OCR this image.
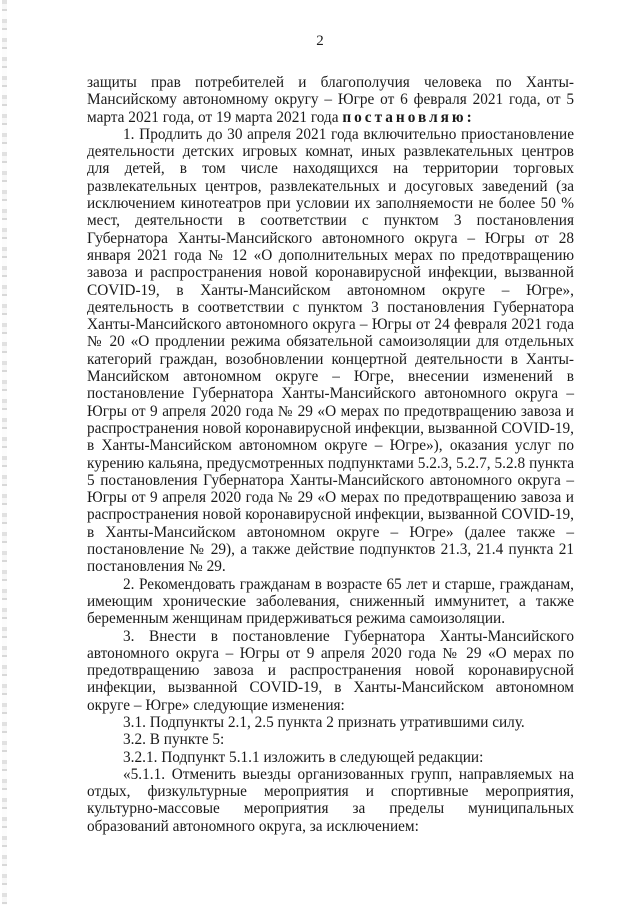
2

защиты прав потребителей и благополучия человека по Ханты-Мансийскому автономному округу – Югре от 6 февраля 2021 года, от 5 марта 2021 года, от 19 марта 2021 года постановляю:

1. Продлить до 30 апреля 2021 года включительно приостановление деятельности детских игровых комнат, иных развлекательных центров для детей, в том числе находящихся на территории торговых развлекательных центров, развлекательных и досуговых заведений (за исключением кинотеатров при условии их заполняемости не более 50 % мест, деятельности в соответствии с пунктом 3 постановления Губернатора Ханты-Мансийского автономного округа – Югры от 28 января 2021 года № 12 «О дополнительных мерах по предотвращению завоза и распространения новой коронавирусной инфекции, вызванной COVID-19, в Ханты-Мансийском автономном округе – Югре», деятельность в соответствии с пунктом 3 постановления Губернатора Ханты-Мансийского автономного округа – Югры от 24 февраля 2021 года № 20 «О продлении режима обязательной самоизоляции для отдельных категорий граждан, возобновлении концертной деятельности в Ханты-Мансийском автономном округе – Югре, внесении изменений в постановление Губернатора Ханты-Мансийского автономного округа – Югры от 9 апреля 2020 года № 29 «О мерах по предотвращению завоза и распространения новой коронавирусной инфекции, вызванной COVID-19, в Ханты-Мансийском автономном округе – Югре»), оказания услуг по курению кальяна, предусмотренных подпунктами 5.2.3, 5.2.7, 5.2.8 пункта 5 постановления Губернатора Ханты-Мансийского автономного округа – Югры от 9 апреля 2020 года № 29 «О мерах по предотвращению завоза и распространения новой коронавирусной инфекции, вызванной COVID-19, в Ханты-Мансийском автономном округе – Югре» (далее также – постановление № 29), а также действие подпунктов 21.3, 21.4 пункта 21 постановления № 29.

2. Рекомендовать гражданам в возрасте 65 лет и старше, гражданам, имеющим хронические заболевания, сниженный иммунитет, а также беременным женщинам придерживаться режима самоизоляции.

3. Внести в постановление Губернатора Ханты-Мансийского автономного округа – Югры от 9 апреля 2020 года № 29 «О мерах по предотвращению завоза и распространения новой коронавирусной инфекции, вызванной COVID-19, в Ханты-Мансийском автономном округе – Югре» следующие изменения:

3.1. Подпункты 2.1, 2.5 пункта 2 признать утратившими силу.

3.2. В пункте 5:

3.2.1. Подпункт 5.1.1 изложить в следующей редакции:

«5.1.1. Отменить выезды организованных групп, направляемых на отдых, физкультурные мероприятия и спортивные мероприятия, культурно-массовые мероприятия за пределы муниципальных образований автономного округа, за исключением:
